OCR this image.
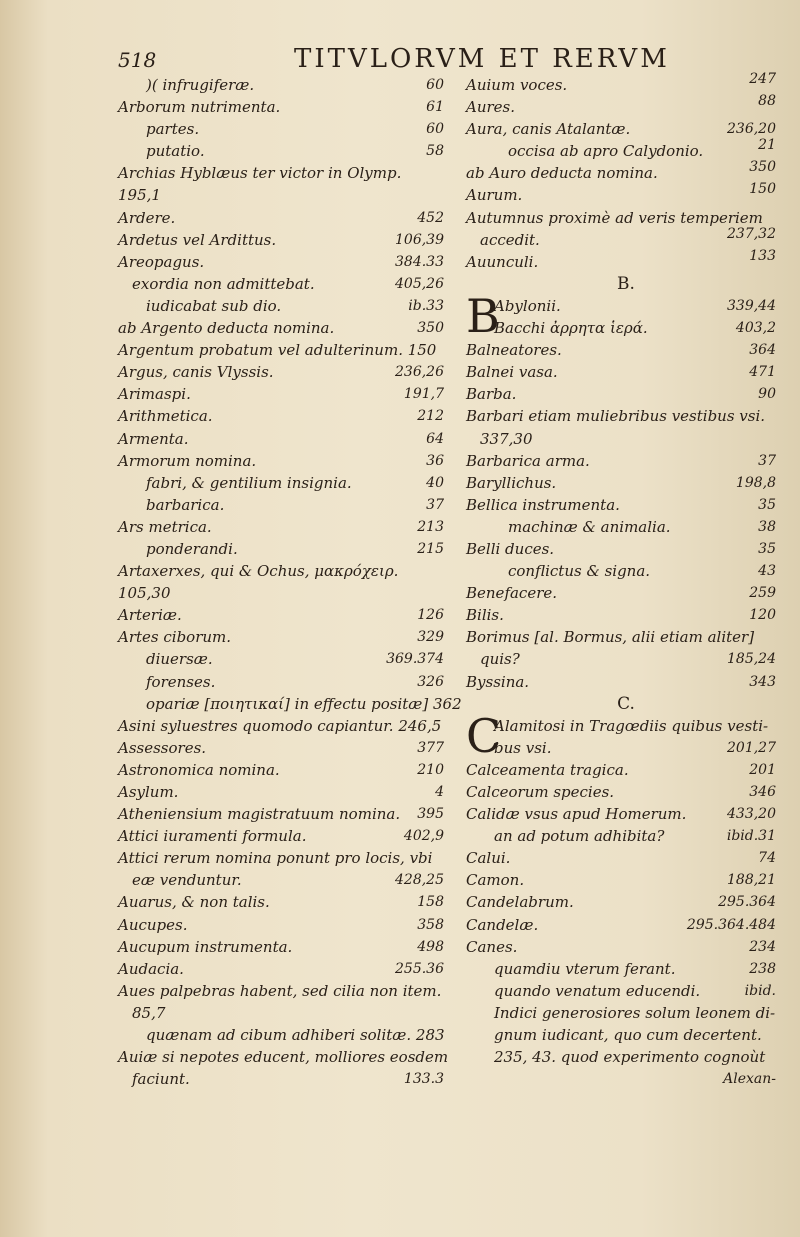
518	TITVLORVM ET RERVM
)( infrugiferæ.	60
Arborum nutrimenta.	61
partes.	60
putatio.	58
Archias Hyblæus ter victor in Olymp.
195,1
Ardere.	452
Ardetus vel Ardittus.	106,39
Areopagus.	384.33
exordia non admittebat.	405,26
iudicabat sub dio.	ib.33
ab Argento deducta nomina.	350
Argentum probatum vel adulterinum. 150
Argus, canis Vlyssis.	236,26
Arimaspi.	191,7
Arithmetica.	212
Armenta.	64
Armorum nomina.	36
fabri, & gentilium insignia.	40
barbarica.	37
Ars metrica.	213
ponderandi.	215
Artaxerxes, qui & Ochus, μακρόχειρ.
105,30
Arteriæ.	126
Artes ciborum.	329
diuersæ.	369.374
forenses.	326
opariæ [ποιητικαί] in effectu positæ] 362
Asini syluestres quomodo capiantur. 246,5
Assessores.	377
Astronomica nomina.	210
Asylum.	4
Atheniensium magistratuum nomina. 395
Attici iuramenti formula.	402,9
Attici rerum nomina ponunt pro locis, vbi
eæ venduntur.	428,25
Auarus, & non talis.	158
Aucupes.	358
Aucupum instrumenta.	498
Audacia.	255.36
Aues palpebras habent, sed cilia non item.
85,7
quænam ad cibum adhiberi solitæ. 283
Auiæ si nepotes educent, molliores eosdem
faciunt.	133.3
Auium voces.	247
Aures.	88
Aura, canis Atalantæ.	236,20
occisa ab apro Calydonio.	21
ab Auro deducta nomina.	350
Aurum.	150
Autumnus proximè ad veris temperiem
accedit.	237,32
Auunculi.	133
B.
B
Abylonii.	339,44
Bacchi ἀρρητα ἱερά.	403,2
Balneatores.	364
Balnei vasa.	471
Barba.	90
Barbari etiam muliebribus vestibus vsi.
337,30
Barbarica arma.	37
Baryllichus.	198,8
Bellica instrumenta.	35
machinæ & animalia.	38
Belli duces.	35
conflictus & signa.	43
Benefacere.	259
Bilis.	120
Borimus [al. Bormus, alii etiam aliter]
quis?	185,24
Byssina.	343
C.
C
Alamitosi in Tragœdiis quibus vesti-
bus vsi.	201,27
Calceamenta tragica.	201
Calceorum species.	346
Calidæ vsus apud Homerum.	433,20
an ad potum adhibita?	ibid.31
Calui.	74
Camon.	188,21
Candelabrum.	295.364
Candelæ.	295.364.484
Canes.	234
quamdiu vterum ferant.	238
quando venatum educendi.	ibid.
Indici generosiores solum leonem di-
gnum iudicant, quo cum decertent.
235, 43. quod experimento cognoùt
Alexan-
